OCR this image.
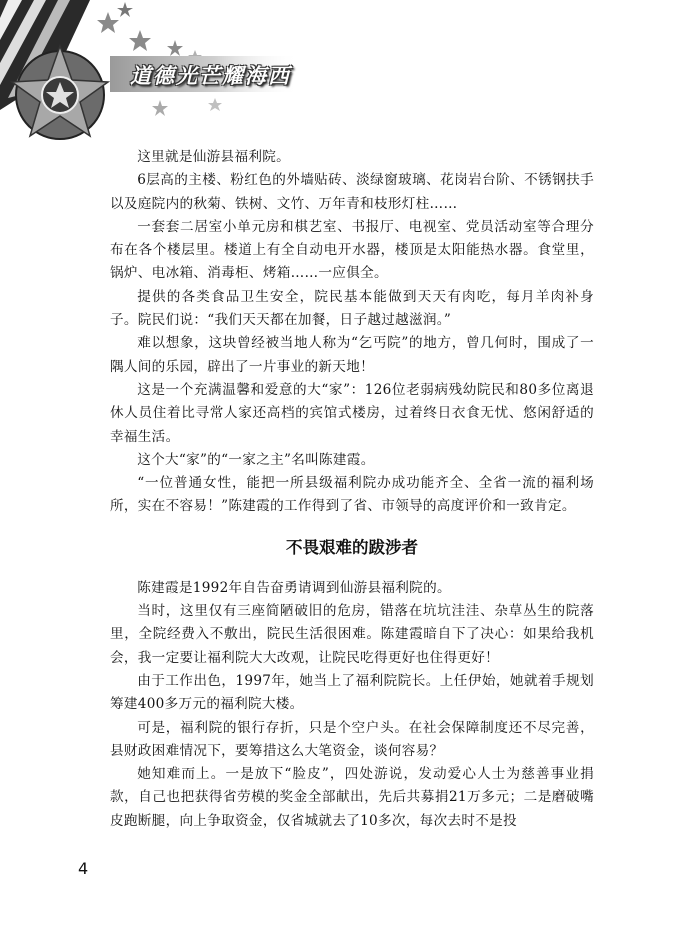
道德光芒耀海西

这里就是仙游县福利院。

6层高的主楼、粉红色的外墙贴砖、淡绿窗玻璃、花岗岩台阶、不锈钢扶手以及庭院内的秋菊、铁树、文竹、万年青和枝形灯柱……

一套套二居室小单元房和棋艺室、书报厅、电视室、党员活动室等合理分布在各个楼层里。楼道上有全自动电开水器，楼顶是太阳能热水器。食堂里，锅炉、电冰箱、消毒柜、烤箱……一应俱全。

提供的各类食品卫生安全，院民基本能做到天天有肉吃，每月羊肉补身子。院民们说：“我们天天都在加餐，日子越过越滋润。”

难以想象，这块曾经被当地人称为“乞丐院”的地方，曾几何时，围成了一隅人间的乐园，辟出了一片事业的新天地！

这是一个充满温馨和爱意的大“家”：126位老弱病残幼院民和80多位离退休人员住着比寻常人家还高档的宾馆式楼房，过着终日衣食无忧、悠闲舒适的幸福生活。

这个大“家”的“一家之主”名叫陈建霞。

“一位普通女性，能把一所县级福利院办成功能齐全、全省一流的福利场所，实在不容易！”陈建霞的工作得到了省、市领导的高度评价和一致肯定。

不畏艰难的跋涉者

陈建霞是1992年自告奋勇请调到仙游县福利院的。

当时，这里仅有三座简陋破旧的危房，错落在坑坑洼洼、杂草丛生的院落里，全院经费入不敷出，院民生活很困难。陈建霞暗自下了决心：如果给我机会，我一定要让福利院大大改观，让院民吃得更好也住得更好！

由于工作出色，1997年，她当上了福利院院长。上任伊始，她就着手规划筹建400多万元的福利院大楼。

可是，福利院的银行存折，只是个空户头。在社会保障制度还不尽完善，县财政困难情况下，要筹措这么大笔资金，谈何容易？

她知难而上。一是放下“脸皮”，四处游说，发动爱心人士为慈善事业捐款，自己也把获得省劳模的奖金全部献出，先后共募捐21万多元；二是磨破嘴皮跑断腿，向上争取资金，仅省城就去了10多次，每次去时不是投

4
